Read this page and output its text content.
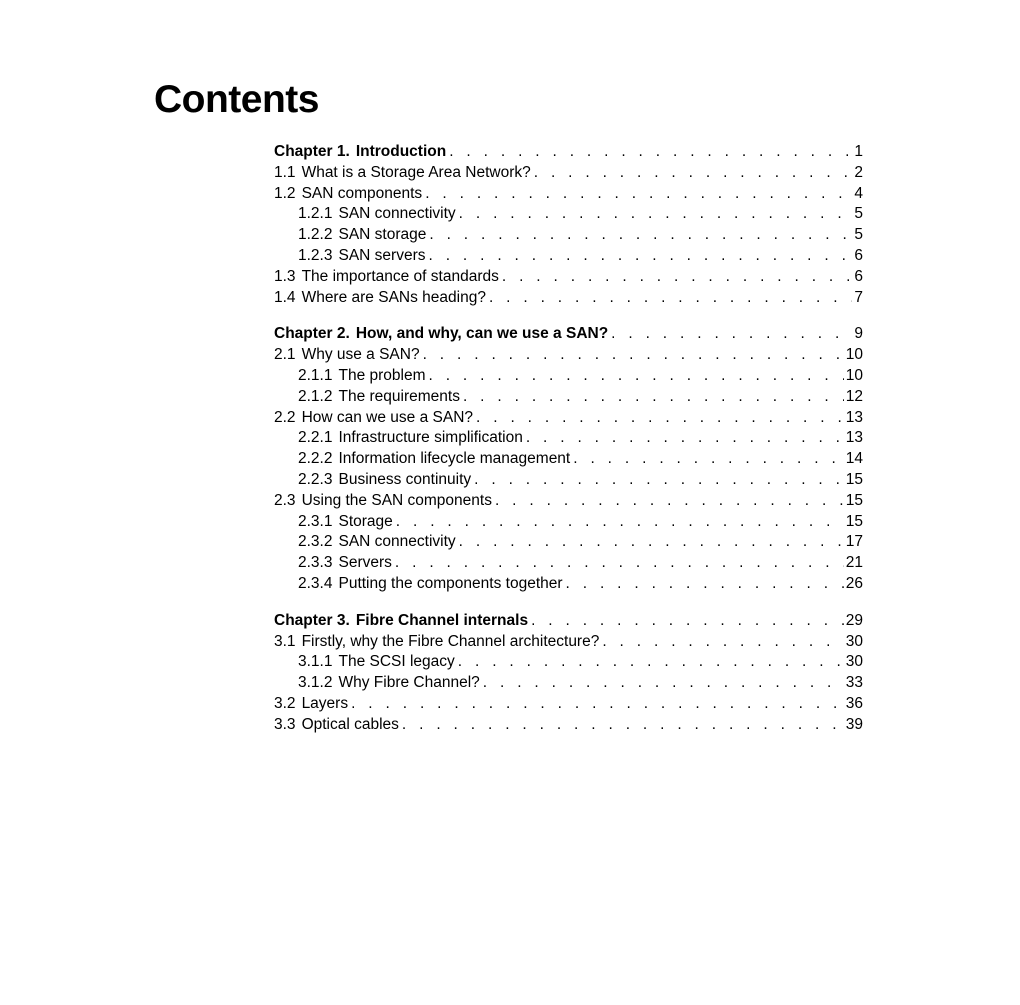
Contents
Chapter 1. Introduction . . .	1
1.1 What is a Storage Area Network? . . .	2
1.2 SAN components . . .	4
1.2.1 SAN connectivity . . .	5
1.2.2 SAN storage . . .	5
1.2.3 SAN servers . . .	6
1.3 The importance of standards . . .	6
1.4 Where are SANs heading? . . .	7
Chapter 2. How, and why, can we use a SAN? . . .	9
2.1 Why use a SAN? . . .	10
2.1.1 The problem . . .	10
2.1.2 The requirements . . .	12
2.2 How can we use a SAN? . . .	13
2.2.1 Infrastructure simplification . . .	13
2.2.2 Information lifecycle management . . .	14
2.2.3 Business continuity . . .	15
2.3 Using the SAN components . . .	15
2.3.1 Storage . . .	15
2.3.2 SAN connectivity . . .	17
2.3.3 Servers . . .	21
2.3.4 Putting the components together . . .	26
Chapter 3. Fibre Channel internals . . .	29
3.1 Firstly, why the Fibre Channel architecture? . . .	30
3.1.1 The SCSI legacy . . .	30
3.1.2 Why Fibre Channel? . . .	33
3.2 Layers . . .	36
3.3 Optical cables . . .	39
